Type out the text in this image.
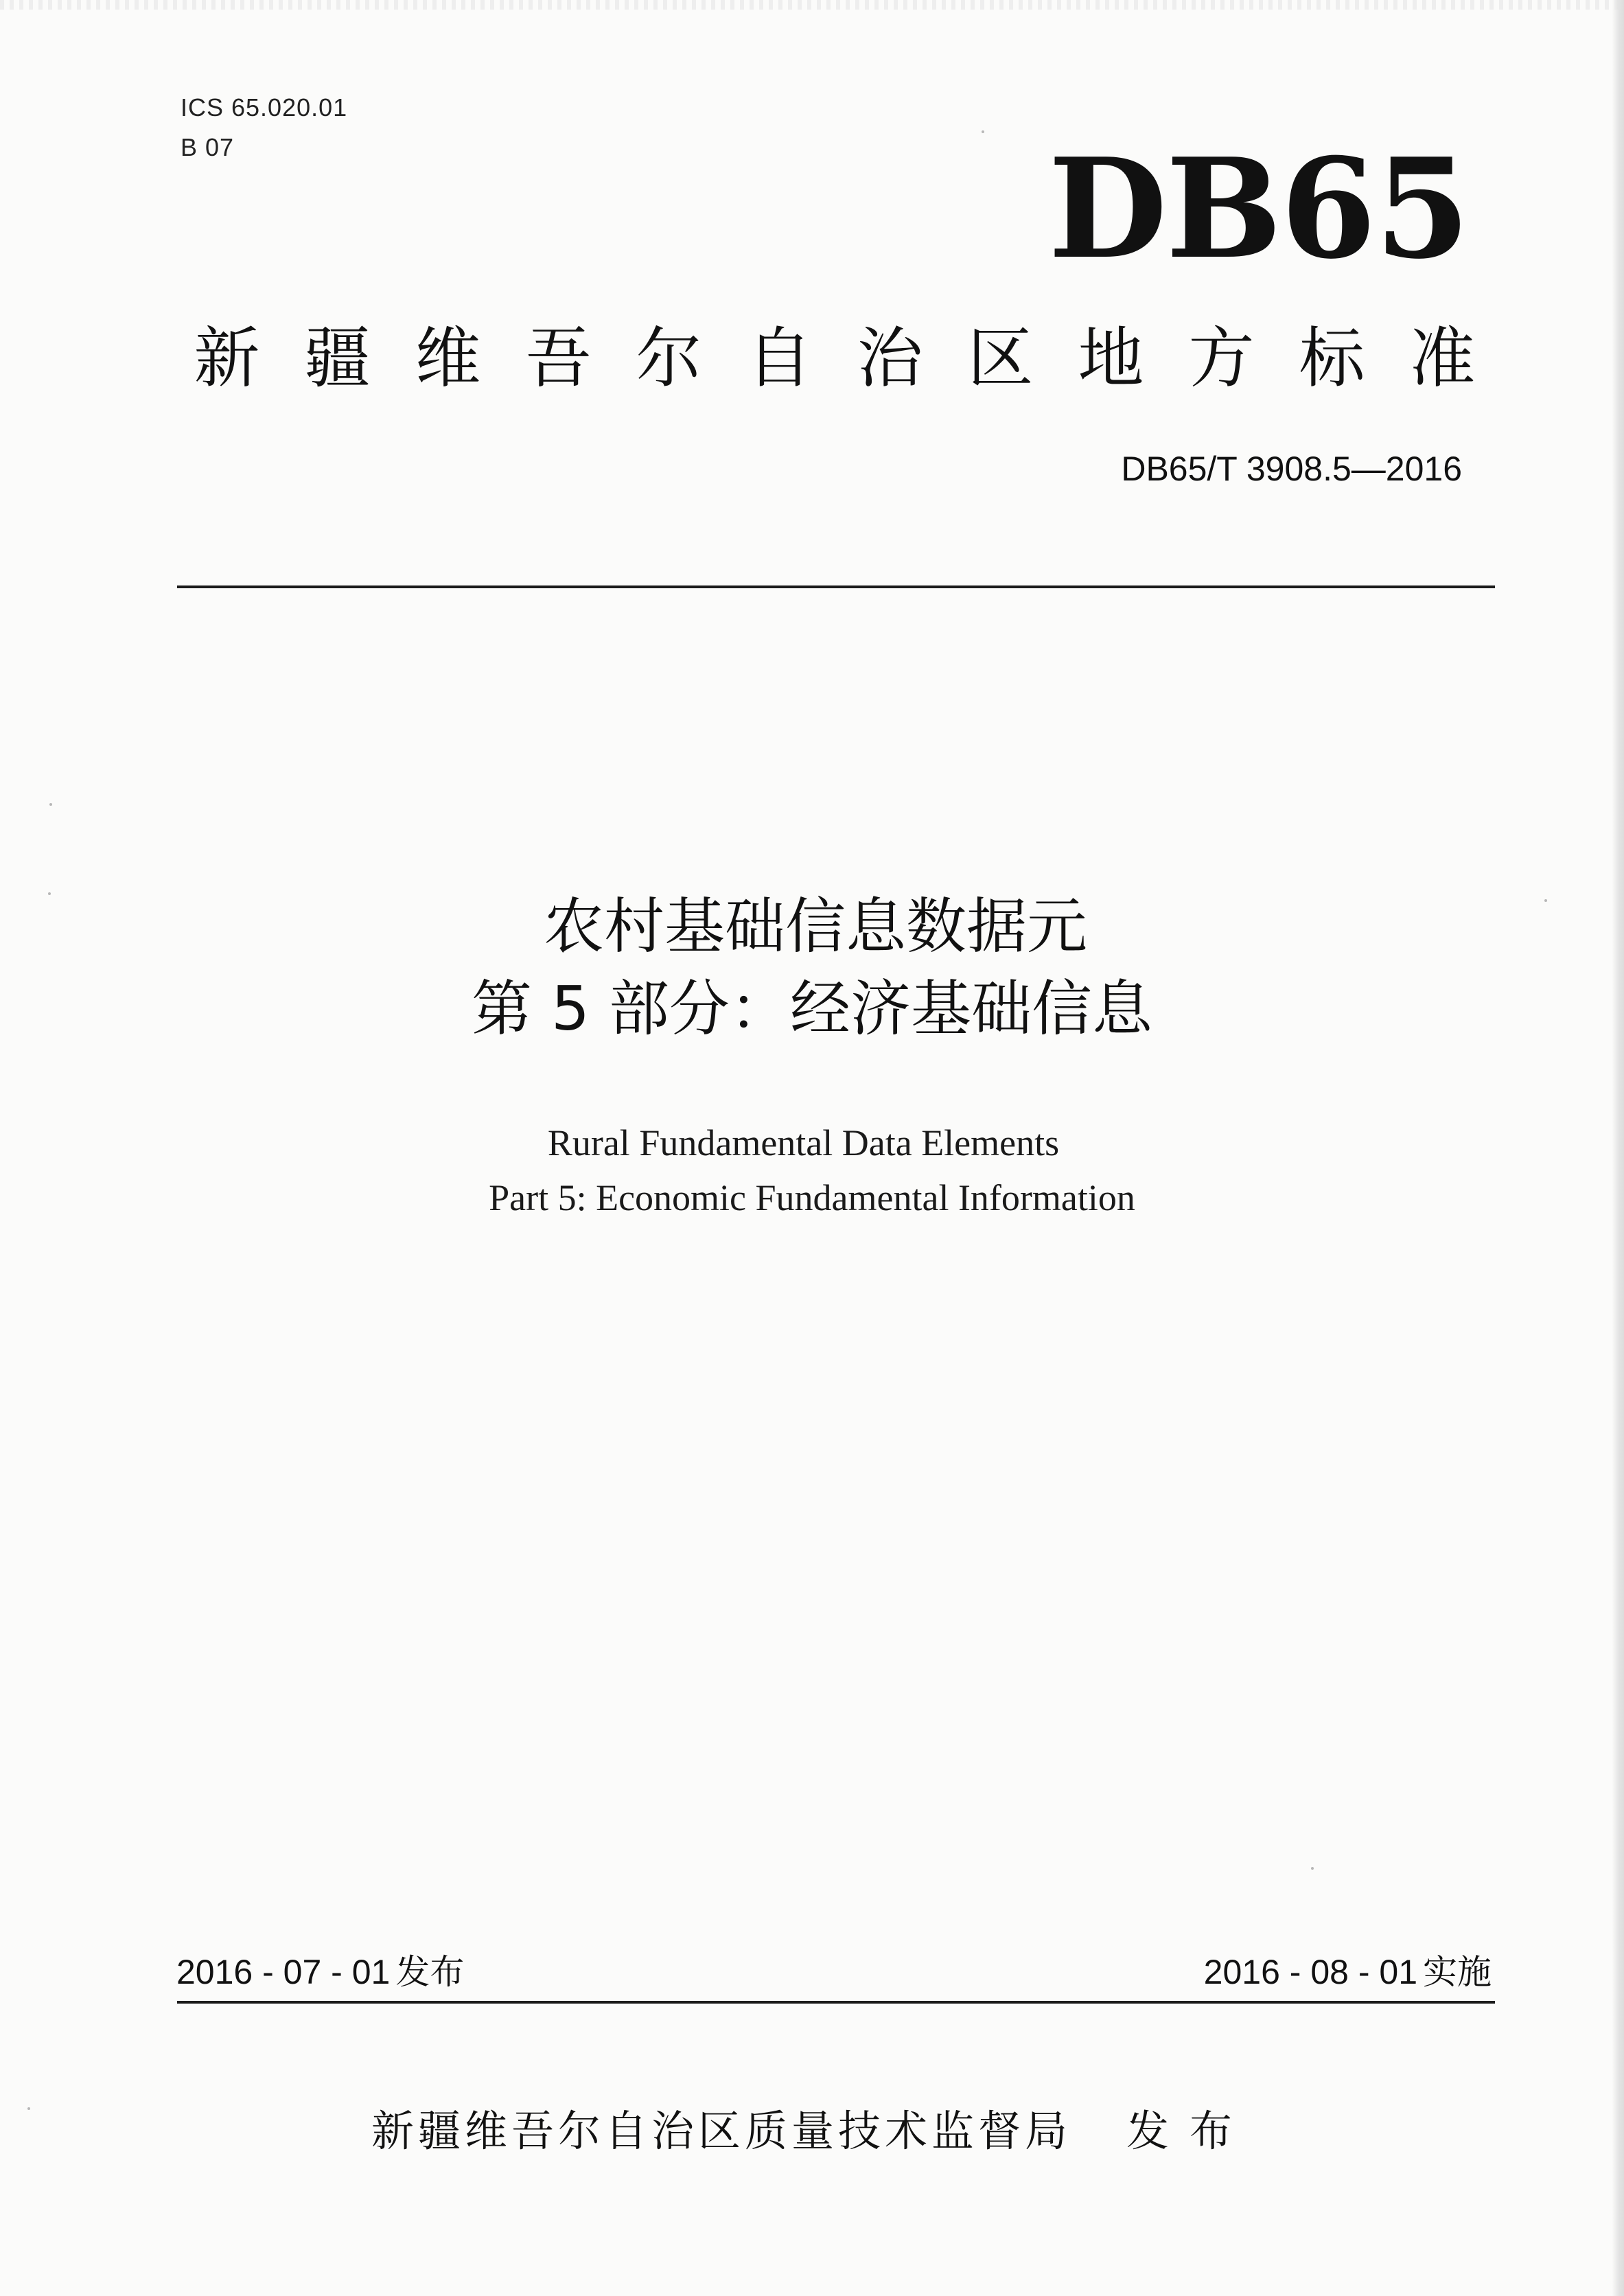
ICS 65.020.01
B 07	DB65
新 疆 维 吾 尔 自 治 区 地 方 标 准
DB65/T 3908.5—2016
农村基础信息数据元
第 5 部分：经济基础信息
Rural Fundamental Data Elements
Part 5: Economic Fundamental Information
2016 - 07 - 01 发布	2016 - 08 - 01 实施
新疆维吾尔自治区质量技术监督局 发布
